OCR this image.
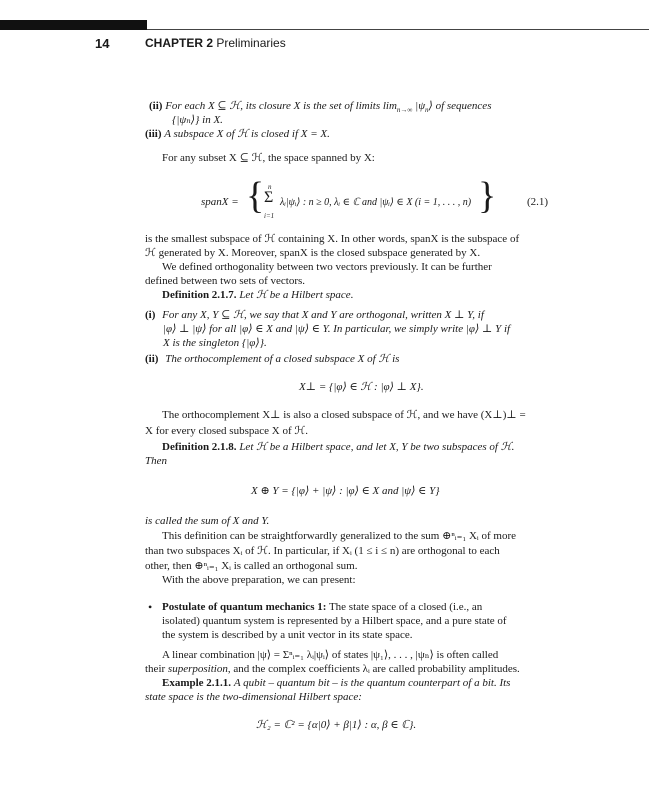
14	CHAPTER 2 Preliminaries
(ii) For each X ⊆ ℋ, its closure X is the set of limits $\lim_{n\to\infty}$ $|\psi_n⟩$ of sequences
{|ψₙ⟩} in X.
(iii) A subspace X of ℋ is closed if X = X.
For any subset X ⊆ ℋ, the space spanned by X:
spanX = { Σ
n
i=1
λᵢ|ψᵢ⟩ : n ≥ 0, λᵢ ∈ ℂ and |ψᵢ⟩ ∈ X (i = 1, . . . , n) }	(2.1)
is the smallest subspace of ℋ containing X. In other words, spanX is the subspace of
ℋ generated by X. Moreover, spanX is the closed subspace generated by X.
We defined orthogonality between two vectors previously. It can be further
defined between two sets of vectors.
Definition 2.1.7. Let ℋ be a Hilbert space.
(i) For any X, Y ⊆ ℋ, we say that X and Y are orthogonal, written X ⊥ Y, if
|φ⟩ ⊥ |ψ⟩ for all |φ⟩ ∈ X and |ψ⟩ ∈ Y. In particular, we simply write |φ⟩ ⊥ Y if
X is the singleton {|φ⟩}.
(ii) The orthocomplement of a closed subspace X of ℋ is
X⊥ = {|φ⟩ ∈ ℋ : |φ⟩ ⊥ X}.
The orthocomplement X⊥ is also a closed subspace of ℋ, and we have (X⊥)⊥ =
X for every closed subspace X of ℋ.
Definition 2.1.8. Let ℋ be a Hilbert space, and let X, Y be two subspaces of ℋ.
Then
X ⊕ Y = {|φ⟩ + |ψ⟩ : |φ⟩ ∈ X and |ψ⟩ ∈ Y}
is called the sum of X and Y.
This definition can be straightforwardly generalized to the sum ⊕ⁿᵢ₌₁ Xᵢ of more
than two subspaces Xᵢ of ℋ. In particular, if Xᵢ (1 ≤ i ≤ n) are orthogonal to each
other, then ⊕ⁿᵢ₌₁ Xᵢ is called an orthogonal sum.
With the above preparation, we can present:
• Postulate of quantum mechanics 1: The state space of a closed (i.e., an
isolated) quantum system is represented by a Hilbert space, and a pure state of
the system is described by a unit vector in its state space.
A linear combination |ψ⟩ = Σⁿᵢ₌₁ λᵢ|ψᵢ⟩ of states |ψ₁⟩, . . . , |ψₙ⟩ is often called
their superposition, and the complex coefficients λᵢ are called probability amplitudes.
Example 2.1.1. A qubit – quantum bit – is the quantum counterpart of a bit. Its
state space is the two-dimensional Hilbert space:
ℋ₂ = ℂ² = {α|0⟩ + β|1⟩ : α, β ∈ ℂ}.
